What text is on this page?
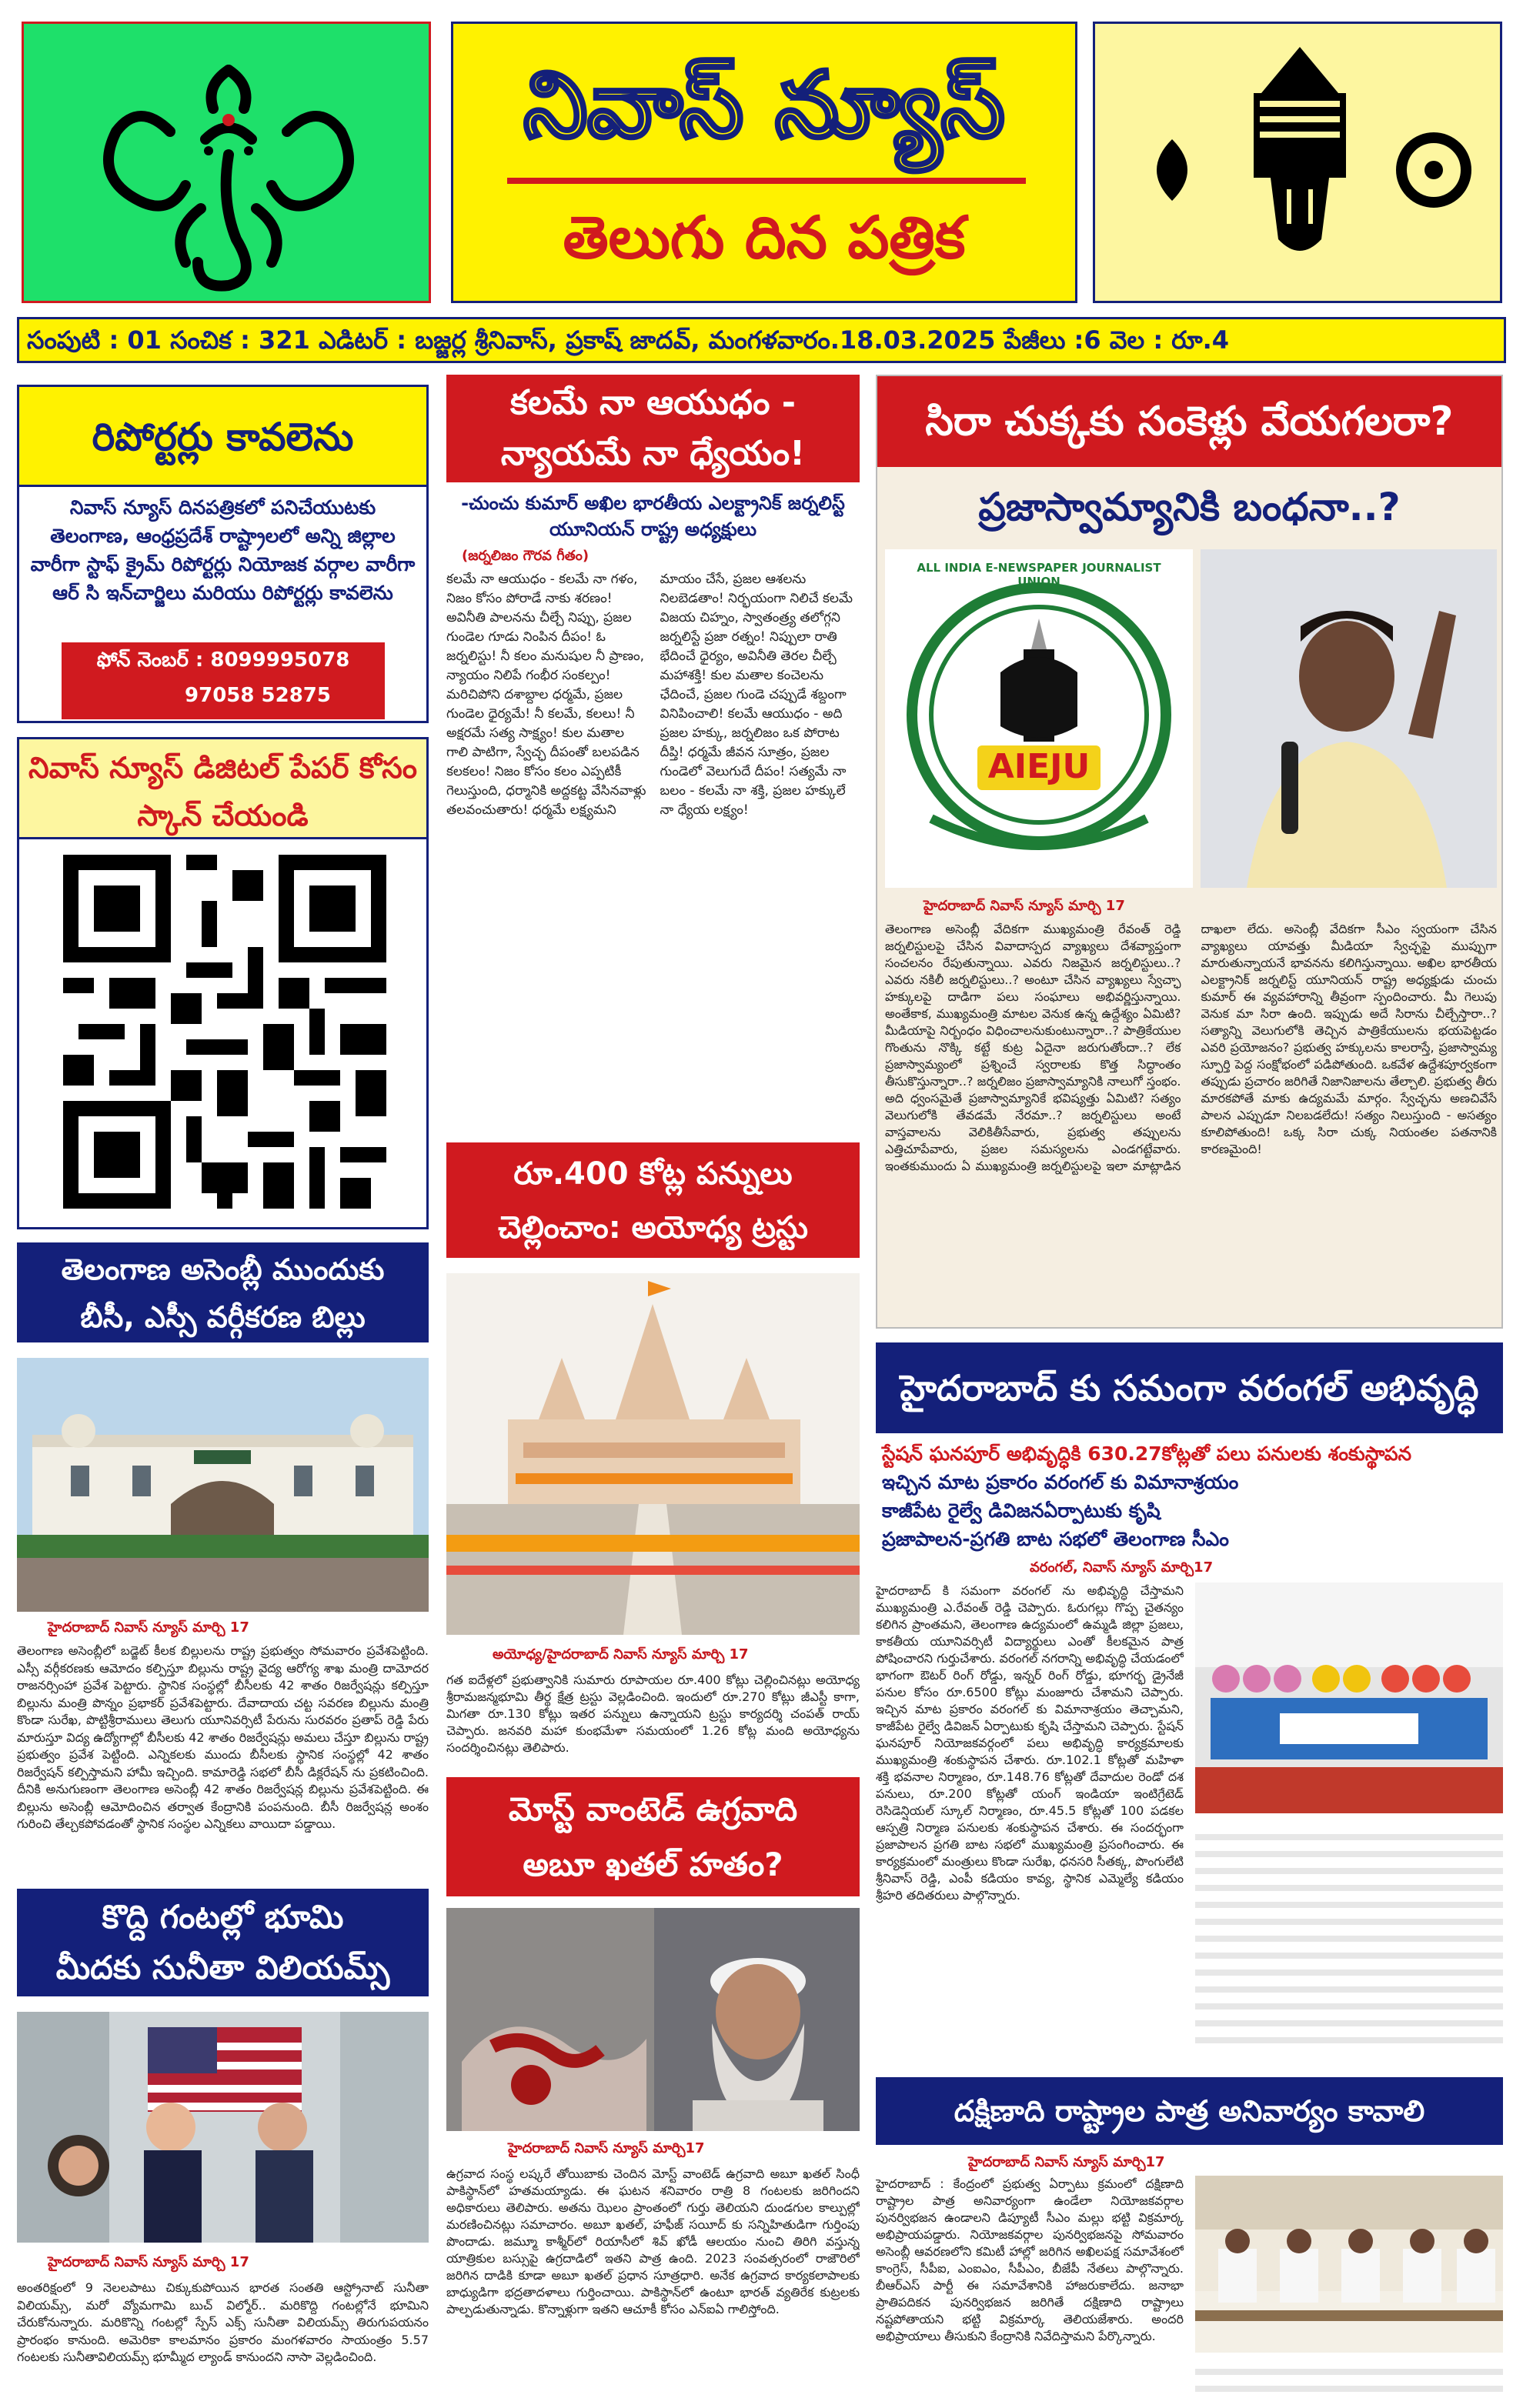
నివాస్ న్యూస్
తెలుగు దిన పత్రిక
సంపుటి : 01 సంచిక : 321 ఎడిటర్ : బజ్జర్ల శ్రీనివాస్, ప్రకాష్ జాదవ్, మంగళవారం.18.03.2025 పేజీలు :6 వెల : రూ.4
రిపోర్టర్లు కావలెను
నివాస్ న్యూస్ దినపత్రికలో పనిచేయుటకు తెలంగాణ, ఆంధ్రప్రదేశ్ రాష్ట్రాలలో అన్ని జిల్లాల వారీగా స్టాఫ్ క్రైమ్ రిపోర్టర్లు నియోజక వర్గాల వారీగా ఆర్ సి ఇన్‌చార్జిలు మరియు రిపోర్టర్లు కావలెను
ఫోన్ నెంబర్ : 8099995078
97058 52875
నివాస్ న్యూస్ డిజిటల్ పేపర్ కోసం స్కాన్ చేయండి
తెలంగాణ అసెంబ్లీ ముందుకు
బీసీ, ఎస్సీ వర్గీకరణ బిల్లు
హైదరాబాద్ నివాస్ న్యూస్ మార్చి 17
తెలంగాణ అసెంబ్లీలో బడ్జెట్ కీలక బిల్లులను రాష్ట్ర ప్రభుత్వం సోమవారం ప్రవేశపెట్టింది. ఎస్సీ వర్గీకరణకు ఆమోదం కల్పిస్తూ బిల్లును రాష్ట్ర వైద్య ఆరోగ్య శాఖ మంత్రి దామోదర రాజనర్సింహా ప్రవేశ పెట్టారు. స్థానిక సంస్థల్లో బీసీలకు 42 శాతం రిజర్వేషన్లు కల్పిస్తూ బిల్లును మంత్రి పొన్నం ప్రభాకర్ ప్రవేశపెట్టారు. దేవాదాయ చట్ట సవరణ బిల్లును మంత్రి కొండా సురేఖ, పొట్టిశ్రీరాములు తెలుగు యూనివర్సిటీ పేరును సురవరం ప్రతాప్ రెడ్డి పేరు మారుస్తూ విద్య ఉద్యోగాల్లో బీసీలకు 42 శాతం రిజర్వేషన్లు అమలు చేస్తూ బిల్లును రాష్ట్ర ప్రభుత్వం ప్రవేశ పెట్టింది. ఎన్నికలకు ముందు బీసీలకు స్థానిక సంస్థల్లో 42 శాతం రిజర్వేషన్ కల్పిస్తామని హామీ ఇచ్చింది. కామారెడ్డి సభలో బీసీ డిక్లరేషన్ ను ప్రకటించింది. దీనికి అనుగుణంగా తెలంగాణ అసెంబ్లీ 42 శాతం రిజర్వేషన్ల బిల్లును ప్రవేశపెట్టింది. ఈ బిల్లును అసెంబ్లీ ఆమోదించిన తర్వాత కేంద్రానికి పంపనుంది. బీసీ రిజర్వేషన్ల అంశం గురించి తేల్చకపోవడంతో స్థానిక సంస్థల ఎన్నికలు వాయిదా పడ్డాయి.
కొద్ది గంటల్లో భూమి
మీదకు సునీతా విలియమ్స్
హైదరాబాద్ నివాస్ న్యూస్ మార్చి 17
అంతరిక్షంలో 9 నెలలపాటు చిక్కుకుపోయిన భారత సంతతి ఆస్ట్రోనాట్ సునీతా విలియమ్స్, మరో వ్యోమగామి బుచ్ విల్మోర్.. మరికొద్ది గంటల్లోనే భూమిని చేరుకోనున్నారు. మరికొన్ని గంటల్లో స్పేస్ ఎక్స్ సునీతా విలియమ్స్ తిరుగుపయనం ప్రారంభం కానుంది. అమెరికా కాలమానం ప్రకారం మంగళవారం సాయంత్రం 5.57 గంటలకు సునీతావిలియమ్స్ భూమ్మీద ల్యాండ్ కానుందని నాసా వెల్లడించింది.
కలమే నా ఆయుధం -
న్యాయమే నా ధ్యేయం!
-చుంచు కుమార్ అఖిల భారతీయ ఎలక్ట్రానిక్ జర్నలిస్ట్ యూనియన్ రాష్ట్ర అధ్యక్షులు
(జర్నలిజం గౌరవ గీతం)
కలమే నా ఆయుధం - కలమే నా గళం, నిజం కోసం పోరాడే నాకు శరణం! అవినీతి పాలనను చీల్చే నిప్పు, ప్రజల గుండెల గూడు నింపిన దీపం! ఓ జర్నలిస్టు! నీ కలం మనుషుల నీ ప్రాణం, న్యాయం నిలిపే గంభీర సంకల్పం! మరిచిపోని దశాబ్దాల ధర్మమే, ప్రజల గుండెల ధైర్యమే! నీ కలమే, కలలు! నీ అక్షరమే సత్య సాక్ష్యం! కుల మతాల గాలి పాటిగా, స్వేచ్ఛ దీపంతో బలపడిన కలకలం! నిజం కోసం కలం ఎప్పటికీ గెలుస్తుంది, ధర్మానికి అద్దకట్ట వేసినవాళ్లు తలవంచుతారు! ధర్మమే లక్ష్యమని మాయం చేసే, ప్రజల ఆశలను నిలబెడతాం! నిర్భయంగా నిలిచే కలమే విజయ చిహ్నం, స్వాతంత్ర్య తలోగ్గని జర్నలిస్టే ప్రజా రత్నం! నిప్పులా రాతి భేదించే ధైర్యం, అవినీతి తెరల చీల్చే మహాశక్తి! కుల మతాల కంచెలను ఛేదించే, ప్రజల గుండె చప్పుడే శబ్దంగా వినిపించాలి! కలమే ఆయుధం - అది ప్రజల హక్కు, జర్నలిజం ఒక పోరాట దీప్తి! ధర్మమే జీవన సూత్రం, ప్రజల గుండెలో వెలుగుదే దీపం! సత్యమే నా బలం - కలమే నా శక్తి, ప్రజల హక్కులే నా ధ్యేయ లక్ష్యం!
రూ.400 కోట్ల పన్నులు
చెల్లించాం: అయోధ్య ట్రస్టు
అయోధ్య/హైదరాబాద్ నివాస్ న్యూస్ మార్చి 17
గత ఐదేళ్లలో ప్రభుత్వానికి సుమారు రూపాయల రూ.400 కోట్లు చెల్లించినట్లు అయోధ్య శ్రీరామజన్మభూమి తీర్థ క్షేత్ర ట్రస్టు వెల్లడించింది. ఇందులో రూ.270 కోట్లు జీఎస్టీ కాగా, మిగతా రూ.130 కోట్లు ఇతర పన్నులు ఉన్నాయని ట్రస్టు కార్యదర్శి చంపత్ రాయ్ చెప్పారు. జనవరి మహా కుంభమేళా సమయంలో 1.26 కోట్ల మంది అయోధ్యను సందర్శించినట్లు తెలిపారు.
మోస్ట్ వాంటెడ్ ఉగ్రవాది
అబూ ఖతల్ హతం?
హైదరాబాద్ నివాస్ న్యూస్ మార్చి17
ఉగ్రవాద సంస్థ లష్కరే తోయిబాకు చెందిన మోస్ట్ వాంటెడ్ ఉగ్రవాది అబూ ఖతల్ సింధీ పాకిస్థాన్‌లో హతమయ్యాడు. ఈ ఘటన శనివారం రాత్రి 8 గంటలకు జరిగిందని అధికారులు తెలిపారు. అతను ఝెలం ప్రాంతంలో గుర్తు తెలియని దుండగుల కాల్పుల్లో మరణించినట్లు సమాచారం. అబూ ఖతల్, హఫీజ్ సయీద్ కు సన్నిహితుడిగా గుర్తింపు పొందాడు. జమ్మూ కాశ్మీర్‌లో రియాసీలో శివ్ ఖోడీ ఆలయం నుంచి తిరిగి వస్తున్న యాత్రికుల బస్సుపై ఉగ్రదాడిలో ఇతని పాత్ర ఉంది. 2023 సంవత్సరంలో రాజౌరిలో జరిగిన దాడికి కూడా అబూ ఖతల్ ప్రధాన సూత్రధారి. అనేక ఉగ్రవాద కార్యకలాపాలకు బాధ్యుడిగా భద్రతాదళాలు గుర్తించాయి. పాకిస్థాన్‌లో ఉంటూ భారత్ వ్యతిరేక కుట్రలకు పాల్పడుతున్నాడు. కొన్నాళ్లుగా ఇతని ఆచూకీ కోసం ఎన్ఐఏ గాలిస్తోంది.
సిరా చుక్కకు సంకెళ్లు వేయగలరా?
ప్రజాస్వామ్యానికి బంధనా..?
ALL INDIA E-NEWSPAPER JOURNALIST UNION
AIEJU
హైదరాబాద్ నివాస్ న్యూస్ మార్చి 17
తెలంగాణ అసెంబ్లీ వేదికగా ముఖ్యమంత్రి రేవంత్ రెడ్డి జర్నలిస్టులపై చేసిన వివాదాస్పద వ్యాఖ్యలు దేశవ్యాప్తంగా సంచలనం రేపుతున్నాయి. ఎవరు నిజమైన జర్నలిస్టులు..? ఎవరు నకిలీ జర్నలిస్టులు..? అంటూ చేసిన వ్యాఖ్యలు స్వేచ్ఛా హక్కులపై దాడిగా పలు సంఘాలు అభివర్ణిస్తున్నాయి. అంతేకాక, ముఖ్యమంత్రి మాటల వెనుక ఉన్న ఉద్దేశ్యం ఏమిటి? మీడియాపై నిర్బంధం విధించాలనుకుంటున్నారా..? పాత్రికేయుల గొంతును నొక్కి కట్టే కుట్ర ఏదైనా జరుగుతోందా..? లేక ప్రజాస్వామ్యంలో ప్రశ్నించే స్వరాలకు కొత్త సిద్ధాంతం తీసుకొస్తున్నారా..? జర్నలిజం ప్రజాస్వామ్యానికి నాలుగో స్తంభం. అది ధ్వంసమైతే ప్రజాస్వామ్యానికే భవిష్యత్తు ఏమిటి? సత్యం వెలుగులోకి తేవడమే నేరమా..? జర్నలిస్టులు అంటే వాస్తవాలను వెలికితీసేవారు, ప్రభుత్వ తప్పులను ఎత్తిచూపేవారు, ప్రజల సమస్యలను ఎండగట్టేవారు. ఇంతకుముందు ఏ ముఖ్యమంత్రి జర్నలిస్టులపై ఇలా మాట్లాడిన దాఖలా లేదు. అసెంబ్లీ వేదికగా సీఎం స్వయంగా చేసిన వ్యాఖ్యలు యావత్తు మీడియా స్వేచ్ఛపై ముప్పుగా మారుతున్నాయనే భావనను కలిగిస్తున్నాయి. అఖిల భారతీయ ఎలక్ట్రానిక్ జర్నలిస్ట్ యూనియన్ రాష్ట్ర అధ్యక్షుడు చుంచు కుమార్ ఈ వ్యవహారాన్ని తీవ్రంగా స్పందించారు. మీ గెలుపు వెనుక మా సిరా ఉంది. ఇప్పుడు అదే సిరాను చీల్చేస్తారా..? సత్యాన్ని వెలుగులోకి తెచ్చిన పాత్రికేయులను భయపెట్టడం ఎవరి ప్రయోజనం? ప్రభుత్వ హక్కులను కాలరాస్తే, ప్రజాస్వామ్య స్ఫూర్తి పెద్ద సంక్షోభంలో పడిపోతుంది. ఒకవేళ ఉద్దేశపూర్వకంగా తప్పుడు ప్రచారం జరిగితే నిజానిజాలను తేల్చాలి. ప్రభుత్వ తీరు మారకపోతే మాకు ఉద్యమమే మార్గం. స్వేచ్ఛను అణచివేసే పాలన ఎప్పుడూ నిలబడలేదు! సత్యం నిలుస్తుంది - అసత్యం కూలిపోతుంది! ఒక్క సిరా చుక్క నియంతల పతనానికి కారణమైంది!
హైదరాబాద్ కు సమంగా వరంగల్ అభివృద్ధి
స్టేషన్ ఘనపూర్ అభివృద్ధికి 630.27కోట్లతో పలు పనులకు శంకుస్థాపన
ఇచ్చిన మాట ప్రకారం వరంగల్ కు విమానాశ్రయం
కాజీపేట రైల్వే డివిజనఏర్పాటుకు కృషి
ప్రజాపాలన-ప్రగతి బాట సభలో తెలంగాణ సీఎం
వరంగల్, నివాస్ న్యూస్ మార్చి17
హైదరాబాద్ కి సమంగా వరంగల్ ను అభివృద్ధి చేస్తామని ముఖ్యమంత్రి ఎ.రేవంత్ రెడ్డి చెప్పారు. ఓరుగల్లు గొప్ప చైతన్యం కలిగిన ప్రాంతమని, తెలంగాణ ఉద్యమంలో ఉమ్మడి జిల్లా ప్రజలు, కాకతీయ యూనివర్సిటీ విద్యార్థులు ఎంతో కీలకమైన పాత్ర పోషించారని గుర్తుచేశారు. వరంగల్ నగరాన్ని అభివృద్ధి చేయడంలో భాగంగా ఔటర్ రింగ్ రోడ్డు, ఇన్నర్ రింగ్ రోడ్డు, భూగర్భ డ్రైనేజీ పనుల కోసం రూ.6500 కోట్లు మంజూరు చేశామని చెప్పారు. ఇచ్చిన మాట ప్రకారం వరంగల్ కు విమానాశ్రయం తెచ్చామని, కాజీపేట రైల్వే డివిజన్ ఏర్పాటుకు కృషి చేస్తామని చెప్పారు. స్టేషన్ ఘనపూర్ నియోజకవర్గంలో పలు అభివృద్ధి కార్యక్రమాలకు ముఖ్యమంత్రి శంకుస్థాపన చేశారు. రూ.102.1 కోట్లతో మహిళా శక్తి భవనాల నిర్మాణం, రూ.148.76 కోట్లతో దేవాదుల రెండో దశ పనులు, రూ.200 కోట్లతో యంగ్ ఇండియా ఇంటిగ్రేటెడ్ రెసిడెన్షియల్ స్కూల్ నిర్మాణం, రూ.45.5 కోట్లతో 100 పడకల ఆస్పత్రి నిర్మాణ పనులకు శంకుస్థాపన చేశారు. ఈ సందర్భంగా ప్రజాపాలన ప్రగతి బాట సభలో ముఖ్యమంత్రి ప్రసంగించారు. ఈ కార్యక్రమంలో మంత్రులు కొండా సురేఖ, ధనసరి సీతక్క, పొంగులేటి శ్రీనివాస్ రెడ్డి, ఎంపీ కడియం కావ్య, స్థానిక ఎమ్మెల్యే కడియం శ్రీహరి తదితరులు పాల్గొన్నారు.
దక్షిణాది రాష్ట్రాల పాత్ర అనివార్యం కావాలి
హైదరాబాద్ నివాస్ న్యూస్ మార్చి17
హైదరాబాద్ : కేంద్రంలో ప్రభుత్వ ఏర్పాటు క్రమంలో దక్షిణాది రాష్ట్రాల పాత్ర అనివార్యంగా ఉండేలా నియోజకవర్గాల పునర్విభజన ఉండాలని డిప్యూటీ సీఎం మల్లు భట్టి విక్రమార్క అభిప్రాయపడ్డారు. నియోజకవర్గాల పునర్విభజనపై సోమవారం అసెంబ్లీ ఆవరణలోని కమిటీ హాల్లో జరిగిన అఖిలపక్ష సమావేశంలో కాంగ్రెస్, సీపీఐ, ఎంఐఎం, సీపీఎం, బీజేపీ నేతలు పాల్గొన్నారు. బీఆర్ఎస్ పార్టీ ఈ సమావేశానికి హాజరుకాలేదు. జనాభా ప్రాతిపదికన పునర్విభజన జరిగితే దక్షిణాది రాష్ట్రాలు నష్టపోతాయని భట్టి విక్రమార్క తెలియజేశారు. అందరి అభిప్రాయాలు తీసుకుని కేంద్రానికి నివేదిస్తామని పేర్కొన్నారు.
